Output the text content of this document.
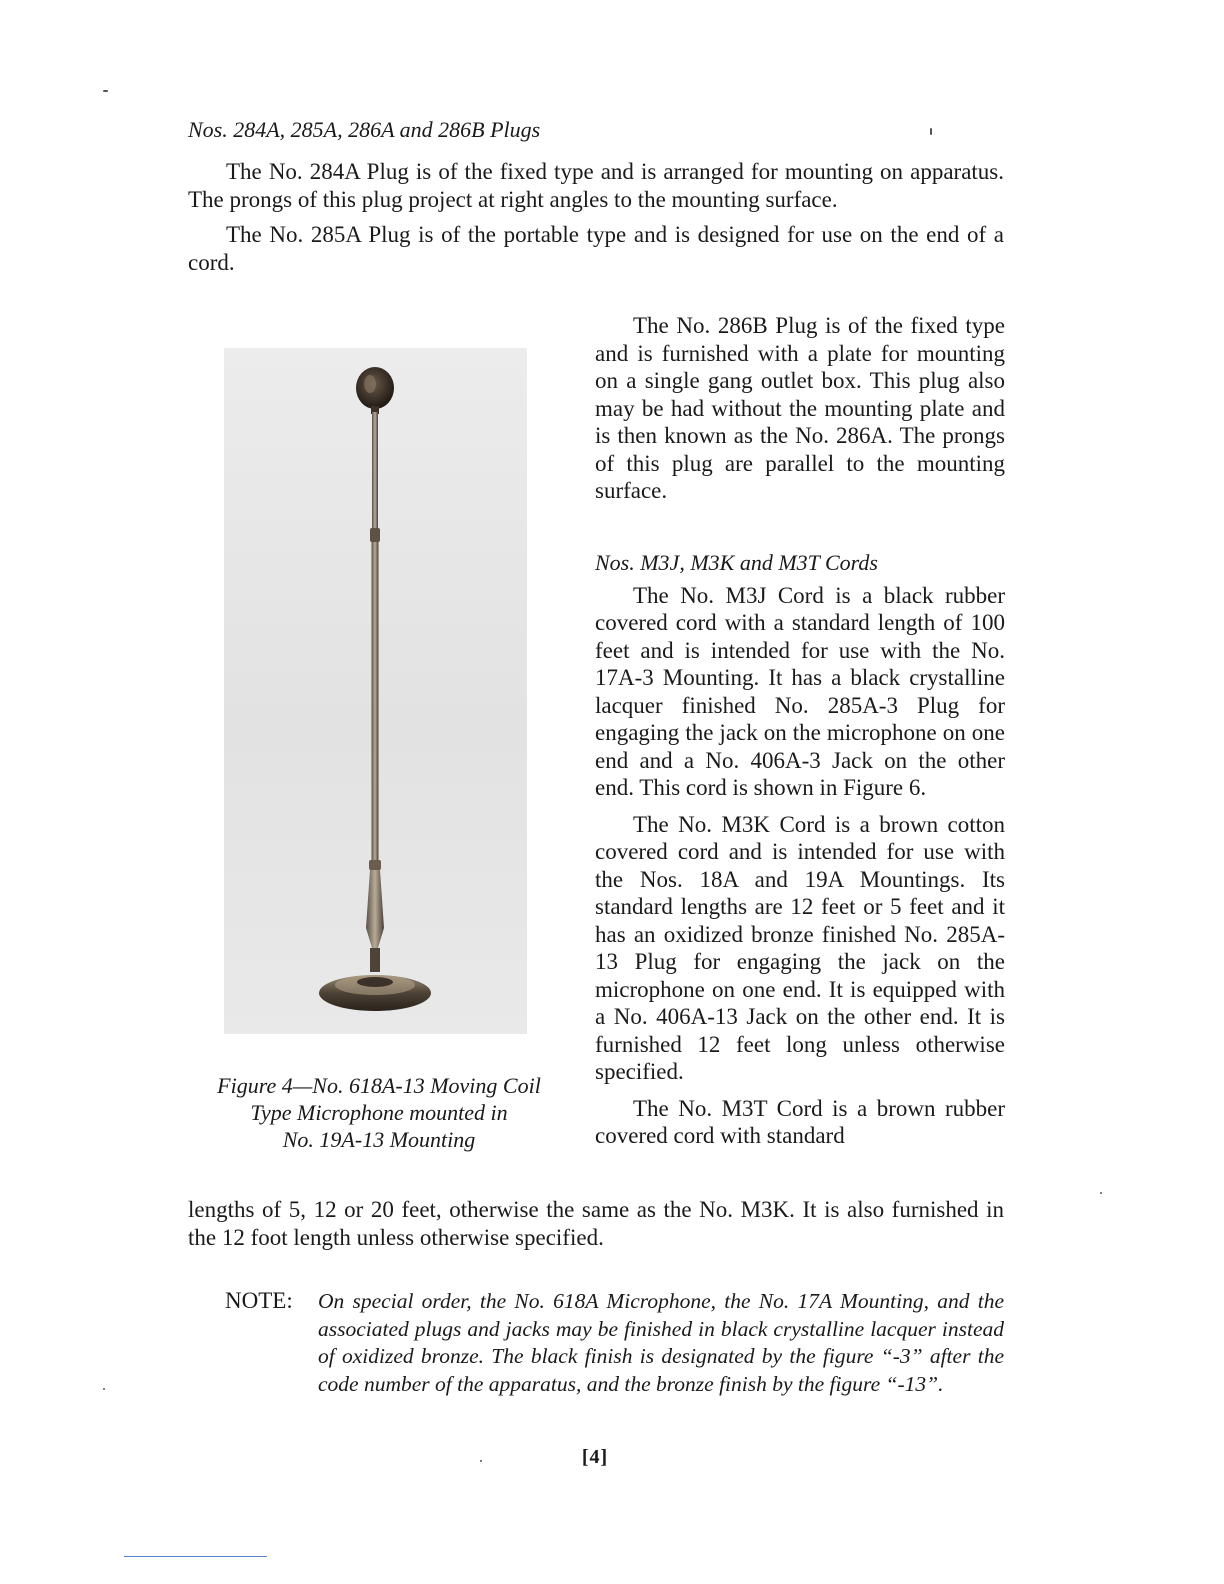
Nos. 284A, 285A, 286A and 286B Plugs

The No. 284A Plug is of the fixed type and is arranged for mounting on apparatus. The prongs of this plug project at right angles to the mounting surface.

The No. 285A Plug is of the portable type and is designed for use on the end of a cord.

Figure 4—No. 618A-13 Moving Coil
Type Microphone mounted in
No. 19A-13 Mounting

The No. 286B Plug is of the fixed type and is furnished with a plate for mounting on a single gang outlet box. This plug also may be had without the mounting plate and is then known as the No. 286A. The prongs of this plug are parallel to the mounting surface.

Nos. M3J, M3K and M3T Cords

The No. M3J Cord is a black rubber covered cord with a standard length of 100 feet and is intended for use with the No. 17A-3 Mounting. It has a black crystalline lacquer finished No. 285A-3 Plug for engaging the jack on the microphone on one end and a No. 406A-3 Jack on the other end. This cord is shown in Figure 6.

The No. M3K Cord is a brown cotton covered cord and is intended for use with the Nos. 18A and 19A Mountings. Its standard lengths are 12 feet or 5 feet and it has an oxidized bronze finished No. 285A-13 Plug for engaging the jack on the microphone on one end. It is equipped with a No. 406A-13 Jack on the other end. It is furnished 12 feet long unless otherwise specified.

The No. M3T Cord is a brown rubber covered cord with standard

lengths of 5, 12 or 20 feet, otherwise the same as the No. M3K. It is also furnished in the 12 foot length unless otherwise specified.
NOTE: On special order, the No. 618A Microphone, the No. 17A Mounting, and the associated plugs and jacks may be finished in black crystalline lacquer instead of oxidized bronze. The black finish is designated by the figure “-3” after the code number of the apparatus, and the bronze finish by the figure “-13”.
[4]
